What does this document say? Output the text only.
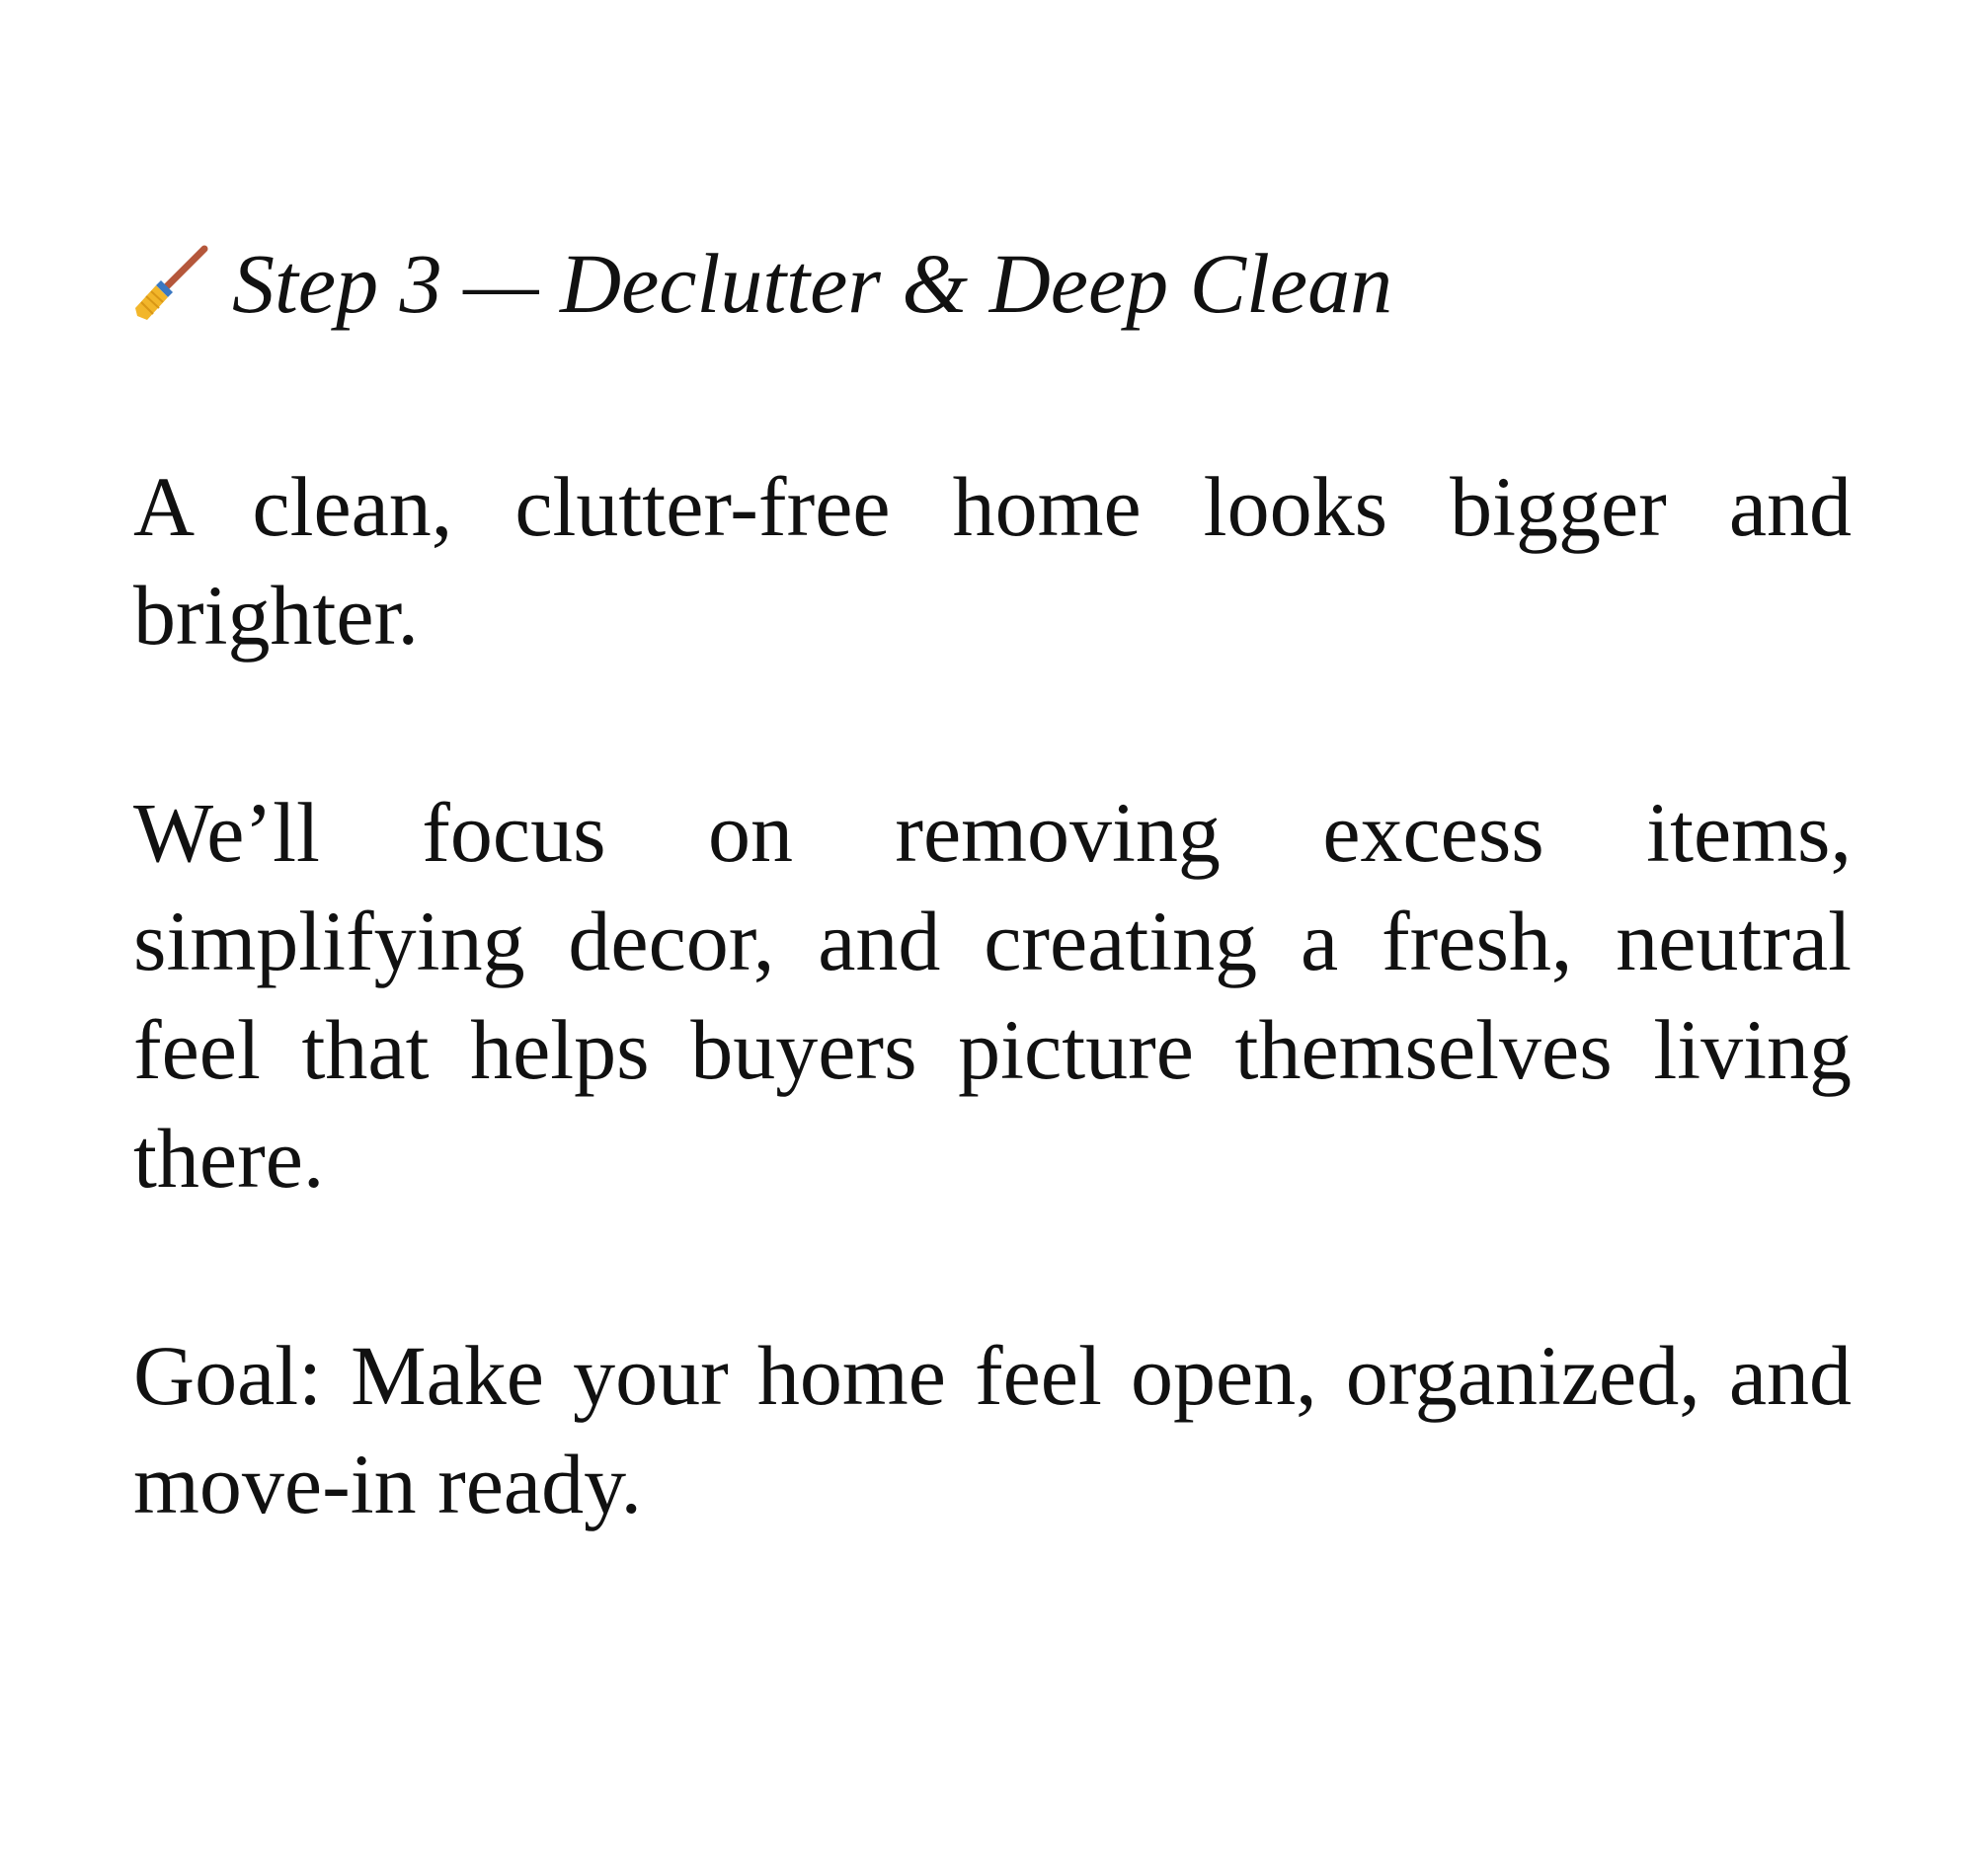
Step 3 — Declutter & Deep Clean

A clean, clutter-free home looks bigger and brighter.

We’ll focus on removing excess items, simplifying decor, and creating a fresh, neutral feel that helps buyers picture themselves living there.

Goal: Make your home feel open, organized, and move-in ready.
